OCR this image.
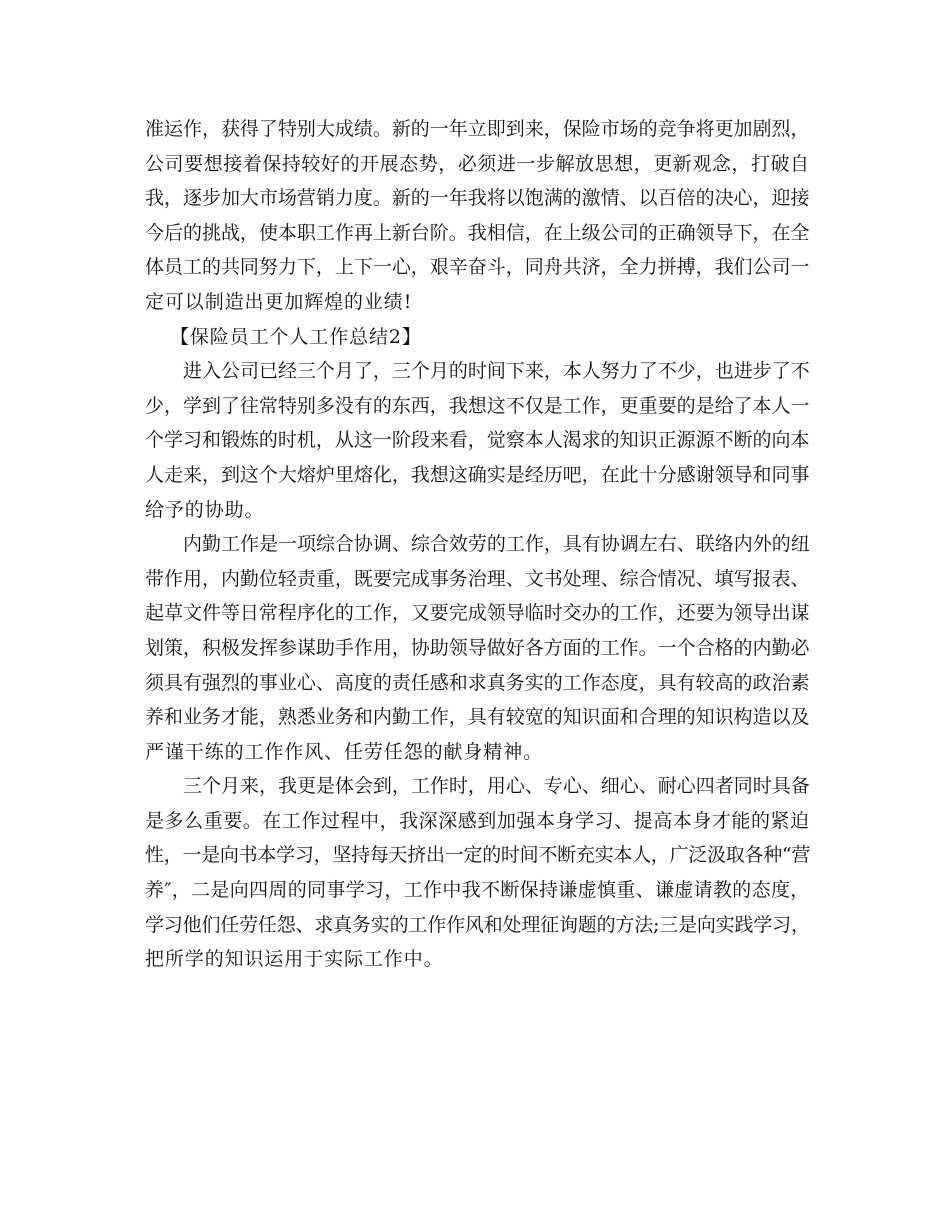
准运作，获得了特别大成绩。新的一年立即到来，保险市场的竞争将更加剧烈，
公司要想接着保持较好的开展态势，必须进一步解放思想，更新观念，打破自
我，逐步加大市场营销力度。新的一年我将以饱满的激情、以百倍的决心，迎接
今后的挑战，使本职工作再上新台阶。我相信，在上级公司的正确领导下，在全
体员工的共同努力下，上下一心，艰辛奋斗，同舟共济，全力拼搏，我们公司一
定可以制造出更加辉煌的业绩!
【保险员工个人工作总结2】
进入公司已经三个月了，三个月的时间下来，本人努力了不少，也进步了不
少，学到了往常特别多没有的东西，我想这不仅是工作，更重要的是给了本人一
个学习和锻炼的时机，从这一阶段来看，觉察本人渴求的知识正源源不断的向本
人走来，到这个大熔炉里熔化，我想这确实是经历吧，在此十分感谢领导和同事
给予的协助。
内勤工作是一项综合协调、综合效劳的工作，具有协调左右、联络内外的纽
带作用，内勤位轻责重，既要完成事务治理、文书处理、综合情况、填写报表、
起草文件等日常程序化的工作，又要完成领导临时交办的工作，还要为领导出谋
划策，积极发挥参谋助手作用，协助领导做好各方面的工作。一个合格的内勤必
须具有强烈的事业心、高度的责任感和求真务实的工作态度，具有较高的政治素
养和业务才能，熟悉业务和内勤工作，具有较宽的知识面和合理的知识构造以及
严谨干练的工作作风、任劳任怨的献身精神。
三个月来，我更是体会到，工作时，用心、专心、细心、耐心四者同时具备
是多么重要。在工作过程中，我深深感到加强本身学习、提高本身才能的紧迫
性，一是向书本学习，坚持每天挤出一定的时间不断充实本人，广泛汲取各种“营
养″，二是向四周的同事学习，工作中我不断保持谦虚慎重、谦虚请教的态度，
学习他们任劳任怨、求真务实的工作作风和处理征询题的方法;三是向实践学习，
把所学的知识运用于实际工作中。
